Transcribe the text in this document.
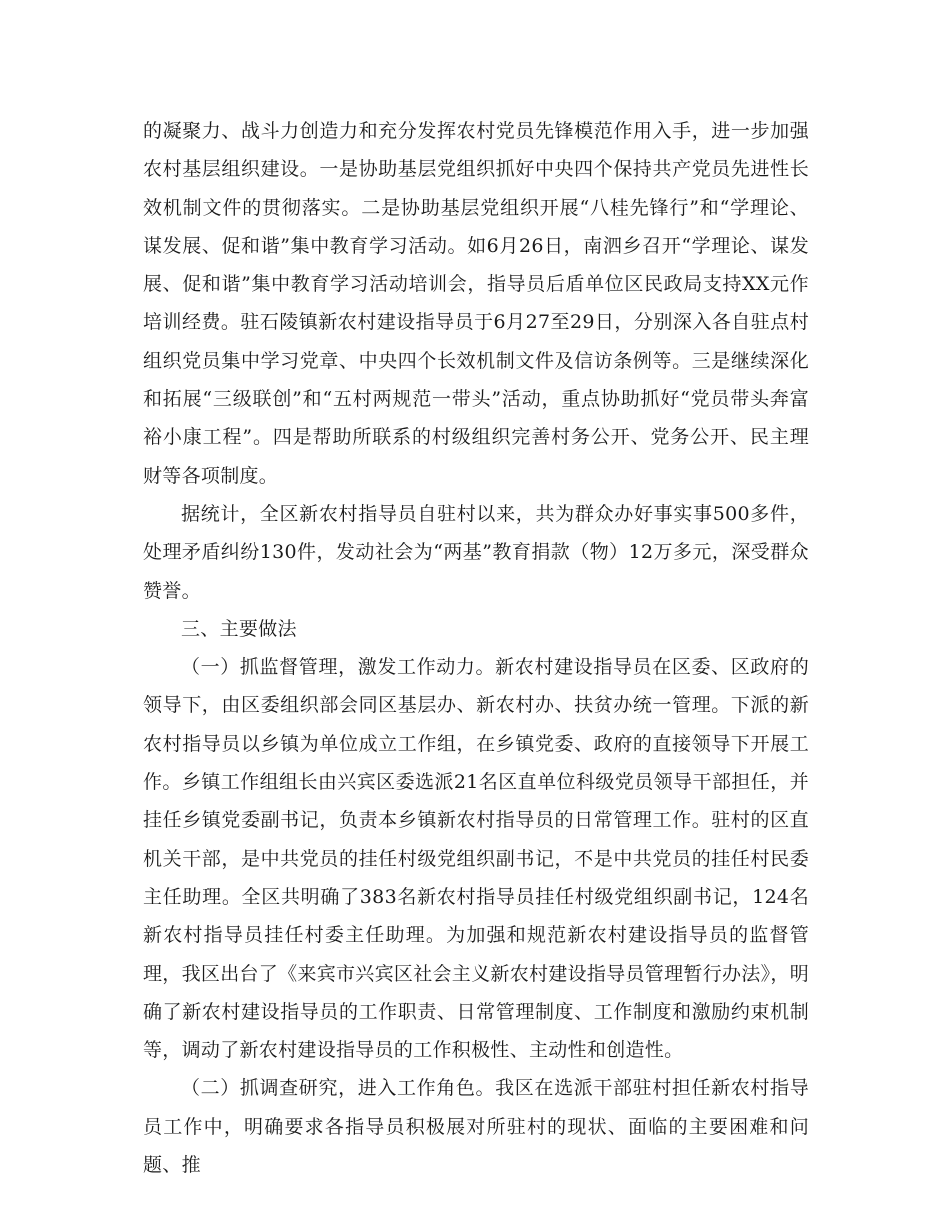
的凝聚力、战斗力创造力和充分发挥农村党员先锋模范作用入手，进一步加强农村基层组织建设。一是协助基层党组织抓好中央四个保持共产党员先进性长效机制文件的贯彻落实。二是协助基层党组织开展“八桂先锋行”和“学理论、谋发展、促和谐”集中教育学习活动。如6月26日，南泗乡召开“学理论、谋发展、促和谐”集中教育学习活动培训会，指导员后盾单位区民政局支持XX元作培训经费。驻石陵镇新农村建设指导员于6月27至29日，分别深入各自驻点村组织党员集中学习党章、中央四个长效机制文件及信访条例等。三是继续深化和拓展“三级联创”和“五村两规范一带头”活动，重点协助抓好“党员带头奔富裕小康工程”。四是帮助所联系的村级组织完善村务公开、党务公开、民主理财等各项制度。

据统计，全区新农村指导员自驻村以来，共为群众办好事实事500多件，处理矛盾纠纷130件，发动社会为“两基”教育捐款（物）12万多元，深受群众赞誉。

三、主要做法

（一）抓监督管理，激发工作动力。新农村建设指导员在区委、区政府的领导下，由区委组织部会同区基层办、新农村办、扶贫办统一管理。下派的新农村指导员以乡镇为单位成立工作组，在乡镇党委、政府的直接领导下开展工作。乡镇工作组组长由兴宾区委选派21名区直单位科级党员领导干部担任，并挂任乡镇党委副书记，负责本乡镇新农村指导员的日常管理工作。驻村的区直机关干部，是中共党员的挂任村级党组织副书记，不是中共党员的挂任村民委主任助理。全区共明确了383名新农村指导员挂任村级党组织副书记，124名新农村指导员挂任村委主任助理。为加强和规范新农村建设指导员的监督管理，我区出台了《来宾市兴宾区社会主义新农村建设指导员管理暂行办法》，明确了新农村建设指导员的工作职责、日常管理制度、工作制度和激励约束机制等，调动了新农村建设指导员的工作积极性、主动性和创造性。

（二）抓调查研究，进入工作角色。我区在选派干部驻村担任新农村指导员工作中，明确要求各指导员积极展对所驻村的现状、面临的主要困难和问题、推
